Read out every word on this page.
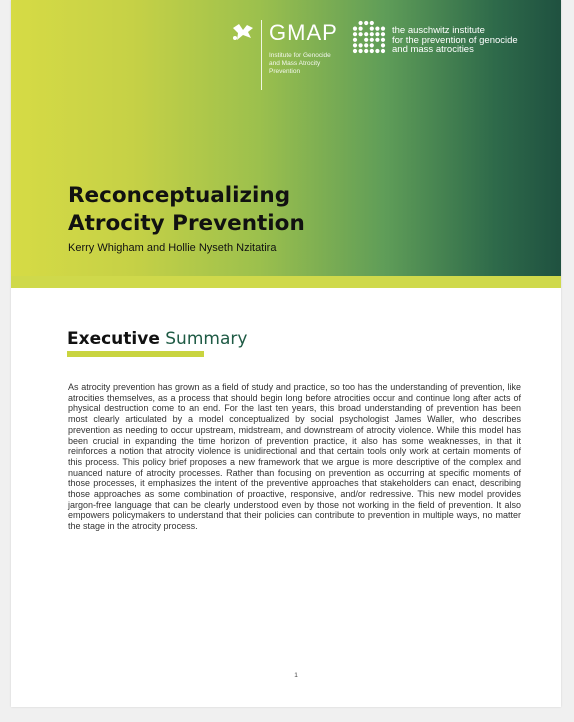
GMAP
Institute for Genocide and Mass Atrocity Prevention
the auschwitz institute
for the prevention of genocide
and mass atrocities
Reconceptualizing
Atrocity Prevention
Kerry Whigham and Hollie Nyseth Nzitatira
Executive Summary

As atrocity prevention has grown as a field of study and practice, so too has the understanding of prevention, like atrocities themselves, as a process that should begin long before atrocities occur and continue long after acts of physical destruction come to an end. For the last ten years, this broad understanding of prevention has been most clearly articulated by a model conceptualized by social psychologist James Waller, who describes prevention as needing to occur upstream, midstream, and downstream of atrocity violence. While this model has been crucial in expanding the time horizon of prevention practice, it also has some weaknesses, in that it reinforces a notion that atrocity violence is unidirectional and that certain tools only work at certain moments of this process. This policy brief proposes a new framework that we argue is more descriptive of the complex and nuanced nature of atrocity processes. Rather than focusing on prevention as occurring at specific moments of those processes, it emphasizes the intent of the preventive approaches that stakeholders can enact, describing those approaches as some combination of proactive, responsive, and/or redressive. This new model provides jargon-free language that can be clearly understood even by those not working in the field of prevention. It also empowers policymakers to understand that their policies can contribute to prevention in multiple ways, no matter the stage in the atrocity process.

1
